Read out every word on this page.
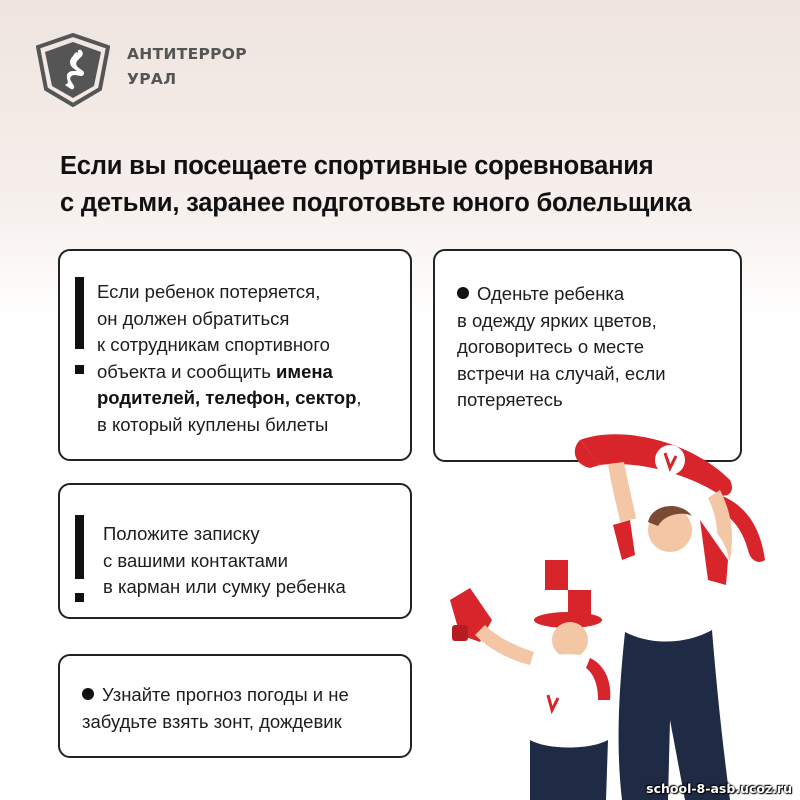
АНТИТЕРРОР
УРАЛ
Если вы посещаете спортивные соревнования
с детьми, заранее подготовьте юного болельщика
Если ребенок потеряется,
он должен обратиться
к сотрудникам спортивного
объекта и сообщить имена
родителей, телефон, сектор,
в который куплены билеты
Оденьте ребенка
в одежду ярких цветов,
договоритесь о месте
встречи на случай, если
потеряетесь
Положите записку
с вашими контактами
в карман или сумку ребенка
Узнайте прогноз погоды и не
забудьте взять зонт, дождевик
school-8-asb.ucoz.ru
